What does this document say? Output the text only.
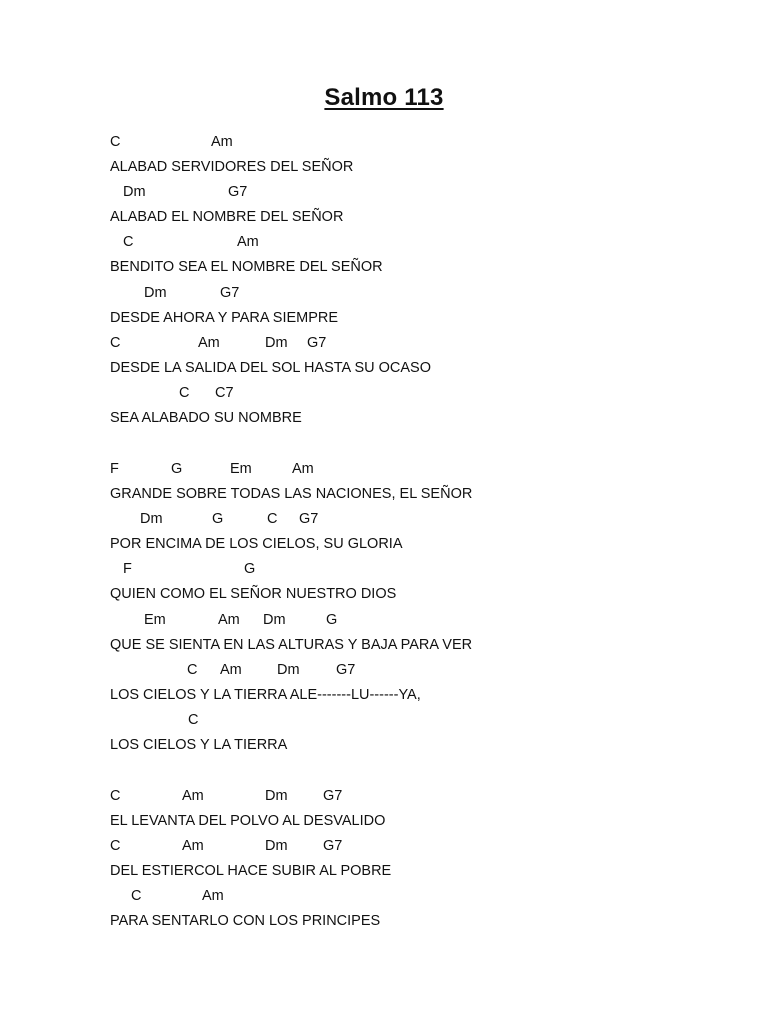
Salmo 113
C	Am
ALABAD SERVIDORES DEL SEÑOR
Dm	G7
ALABAD EL NOMBRE DEL SEÑOR
C	Am
BENDITO SEA EL NOMBRE DEL SEÑOR
Dm	G7
DESDE AHORA Y PARA SIEMPRE
C	Am	Dm G7
DESDE LA SALIDA DEL SOL HASTA SU OCASO
C C7
SEA ALABADO SU NOMBRE
F	G	Em	Am
GRANDE SOBRE TODAS LAS NACIONES, EL SEÑOR
Dm	G	C G7
POR ENCIMA DE LOS CIELOS, SU GLORIA
F	G
QUIEN COMO EL SEÑOR NUESTRO DIOS
Em	Am Dm	G
QUE SE SIENTA EN LAS ALTURAS Y BAJA PARA VER
C Am Dm	G7
LOS CIELOS Y LA TIERRA ALE-------LU------YA,
C
LOS CIELOS Y LA TIERRA
C	Am	Dm G7
EL LEVANTA DEL POLVO AL DESVALIDO
C	Am	Dm G7
DEL ESTIERCOL HACE SUBIR AL POBRE
C	Am
PARA SENTARLO CON LOS PRINCIPES
